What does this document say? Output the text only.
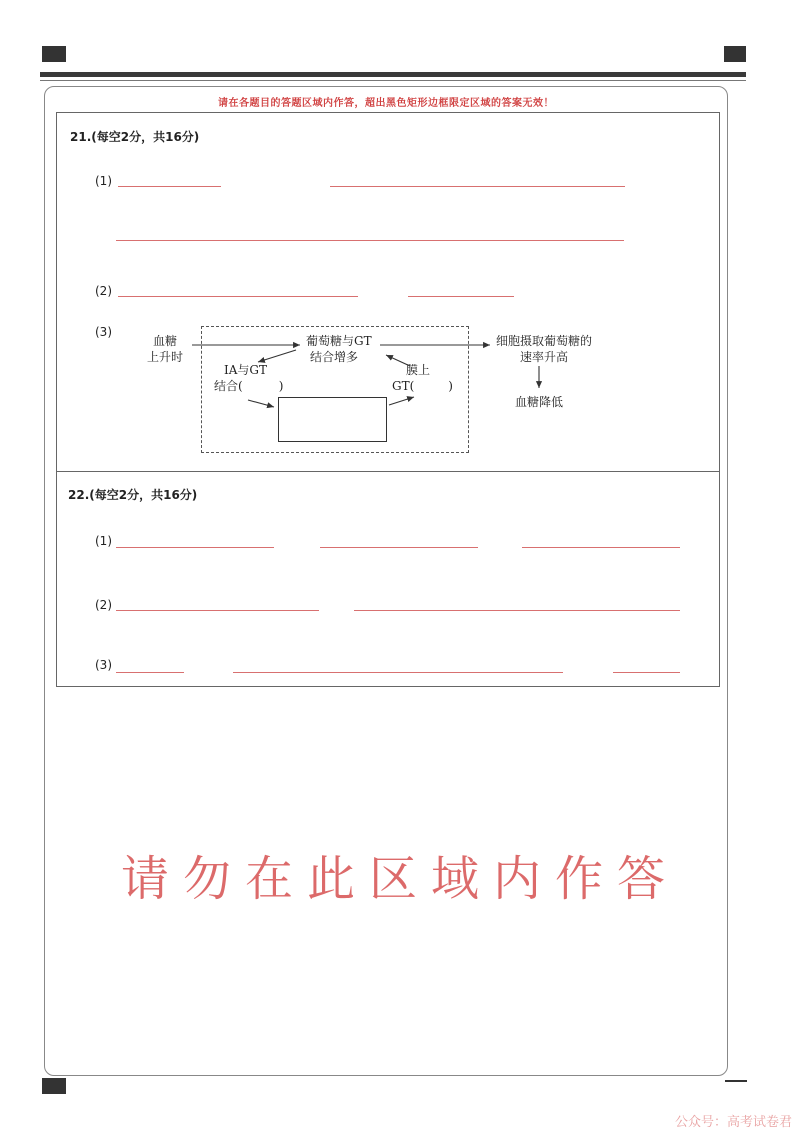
请在各题目的答题区域内作答，超出黑色矩形边框限定区域的答案无效！
21.(每空2分，共16分)
(1)
(2)
(3)
血糖
上升时
葡萄糖与GT
结合增多
IA与GT
结合(	)
膜上
GT(	)
细胞摄取葡萄糖的
速率升高
血糖降低
22.(每空2分，共16分)
(1)
(2)
(3)
请勿在此区域内作答
公众号：高考试卷君
